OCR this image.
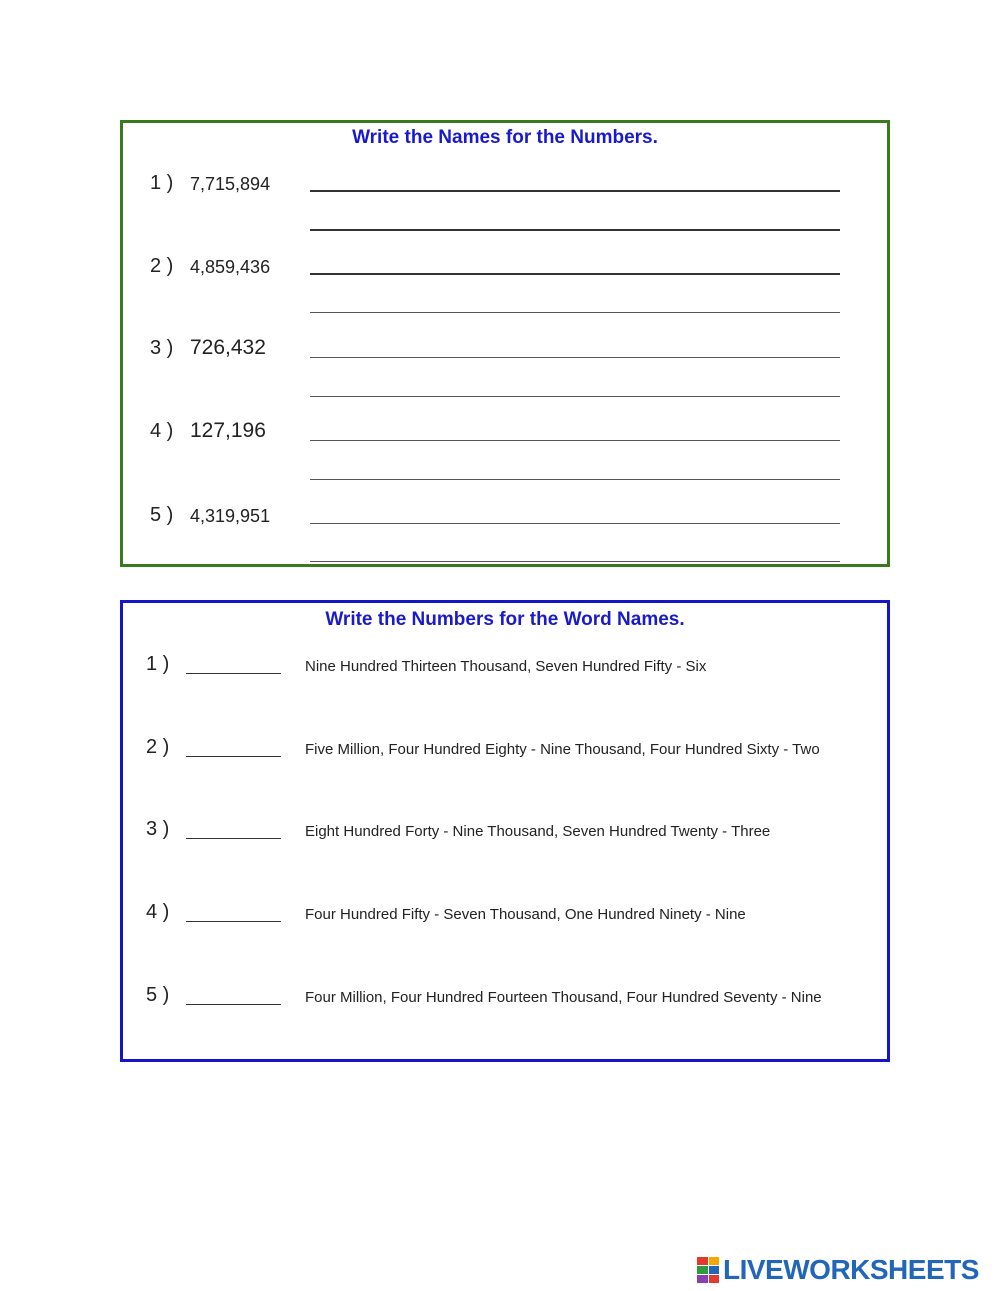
Write the Names for the Numbers.
1 ) 7,715,894
2 ) 4,859,436
3 ) 726,432
4 ) 127,196
5 ) 4,319,951
Write the Numbers for the Word Names.
1 )	Nine Hundred Thirteen Thousand, Seven Hundred Fifty - Six
2 )	Five Million, Four Hundred Eighty - Nine Thousand, Four Hundred Sixty - Two
3 )	Eight Hundred Forty - Nine Thousand, Seven Hundred Twenty - Three
4 )	Four Hundred Fifty - Seven Thousand, One Hundred Ninety - Nine
5 )	Four Million, Four Hundred Fourteen Thousand, Four Hundred Seventy - Nine
LIVEWORKSHEETS
